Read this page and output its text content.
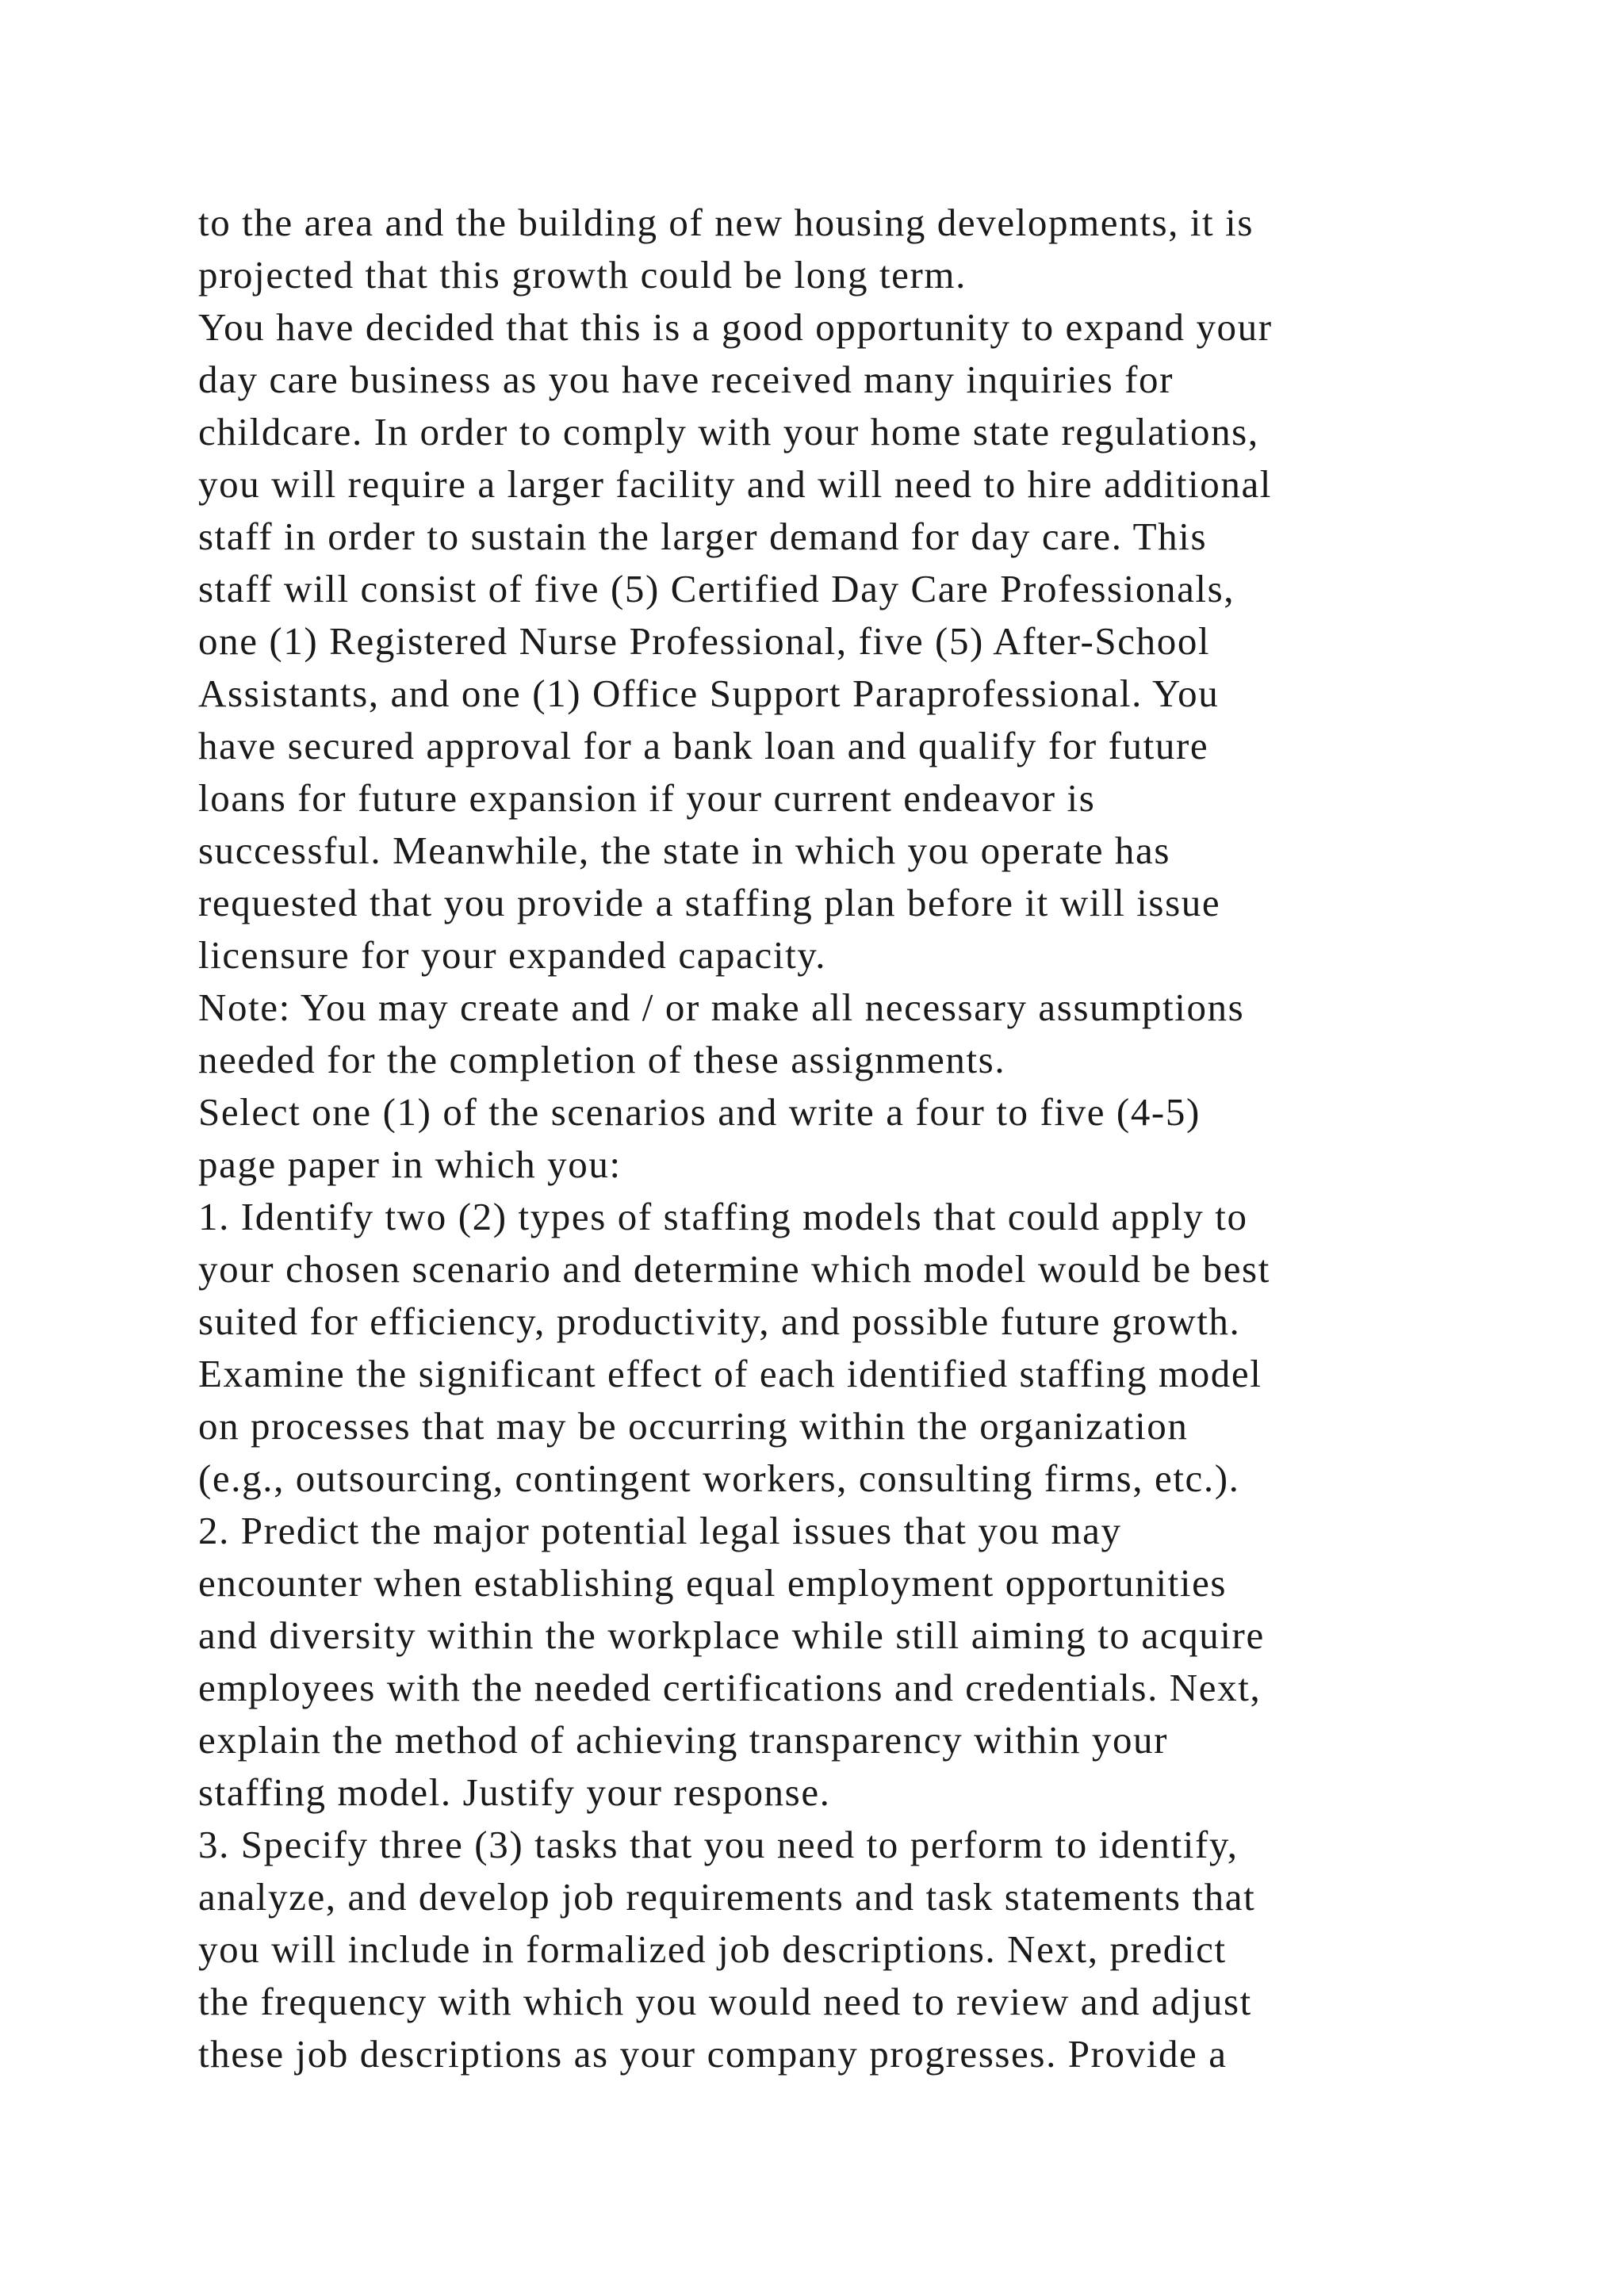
to the area and the building of new housing developments, it is
projected that this growth could be long term.
You have decided that this is a good opportunity to expand your
day care business as you have received many inquiries for
childcare. In order to comply with your home state regulations,
you will require a larger facility and will need to hire additional
staff in order to sustain the larger demand for day care. This
staff will consist of five (5) Certified Day Care Professionals,
one (1) Registered Nurse Professional, five (5) After-School
Assistants, and one (1) Office Support Paraprofessional. You
have secured approval for a bank loan and qualify for future
loans for future expansion if your current endeavor is
successful. Meanwhile, the state in which you operate has
requested that you provide a staffing plan before it will issue
licensure for your expanded capacity.
Note: You may create and / or make all necessary assumptions
needed for the completion of these assignments.
Select one (1) of the scenarios and write a four to five (4-5)
page paper in which you:
1. Identify two (2) types of staffing models that could apply to
your chosen scenario and determine which model would be best
suited for efficiency, productivity, and possible future growth.
Examine the significant effect of each identified staffing model
on processes that may be occurring within the organization
(e.g., outsourcing, contingent workers, consulting firms, etc.).
2. Predict the major potential legal issues that you may
encounter when establishing equal employment opportunities
and diversity within the workplace while still aiming to acquire
employees with the needed certifications and credentials. Next,
explain the method of achieving transparency within your
staffing model. Justify your response.
3. Specify three (3) tasks that you need to perform to identify,
analyze, and develop job requirements and task statements that
you will include in formalized job descriptions. Next, predict
the frequency with which you would need to review and adjust
these job descriptions as your company progresses. Provide a
